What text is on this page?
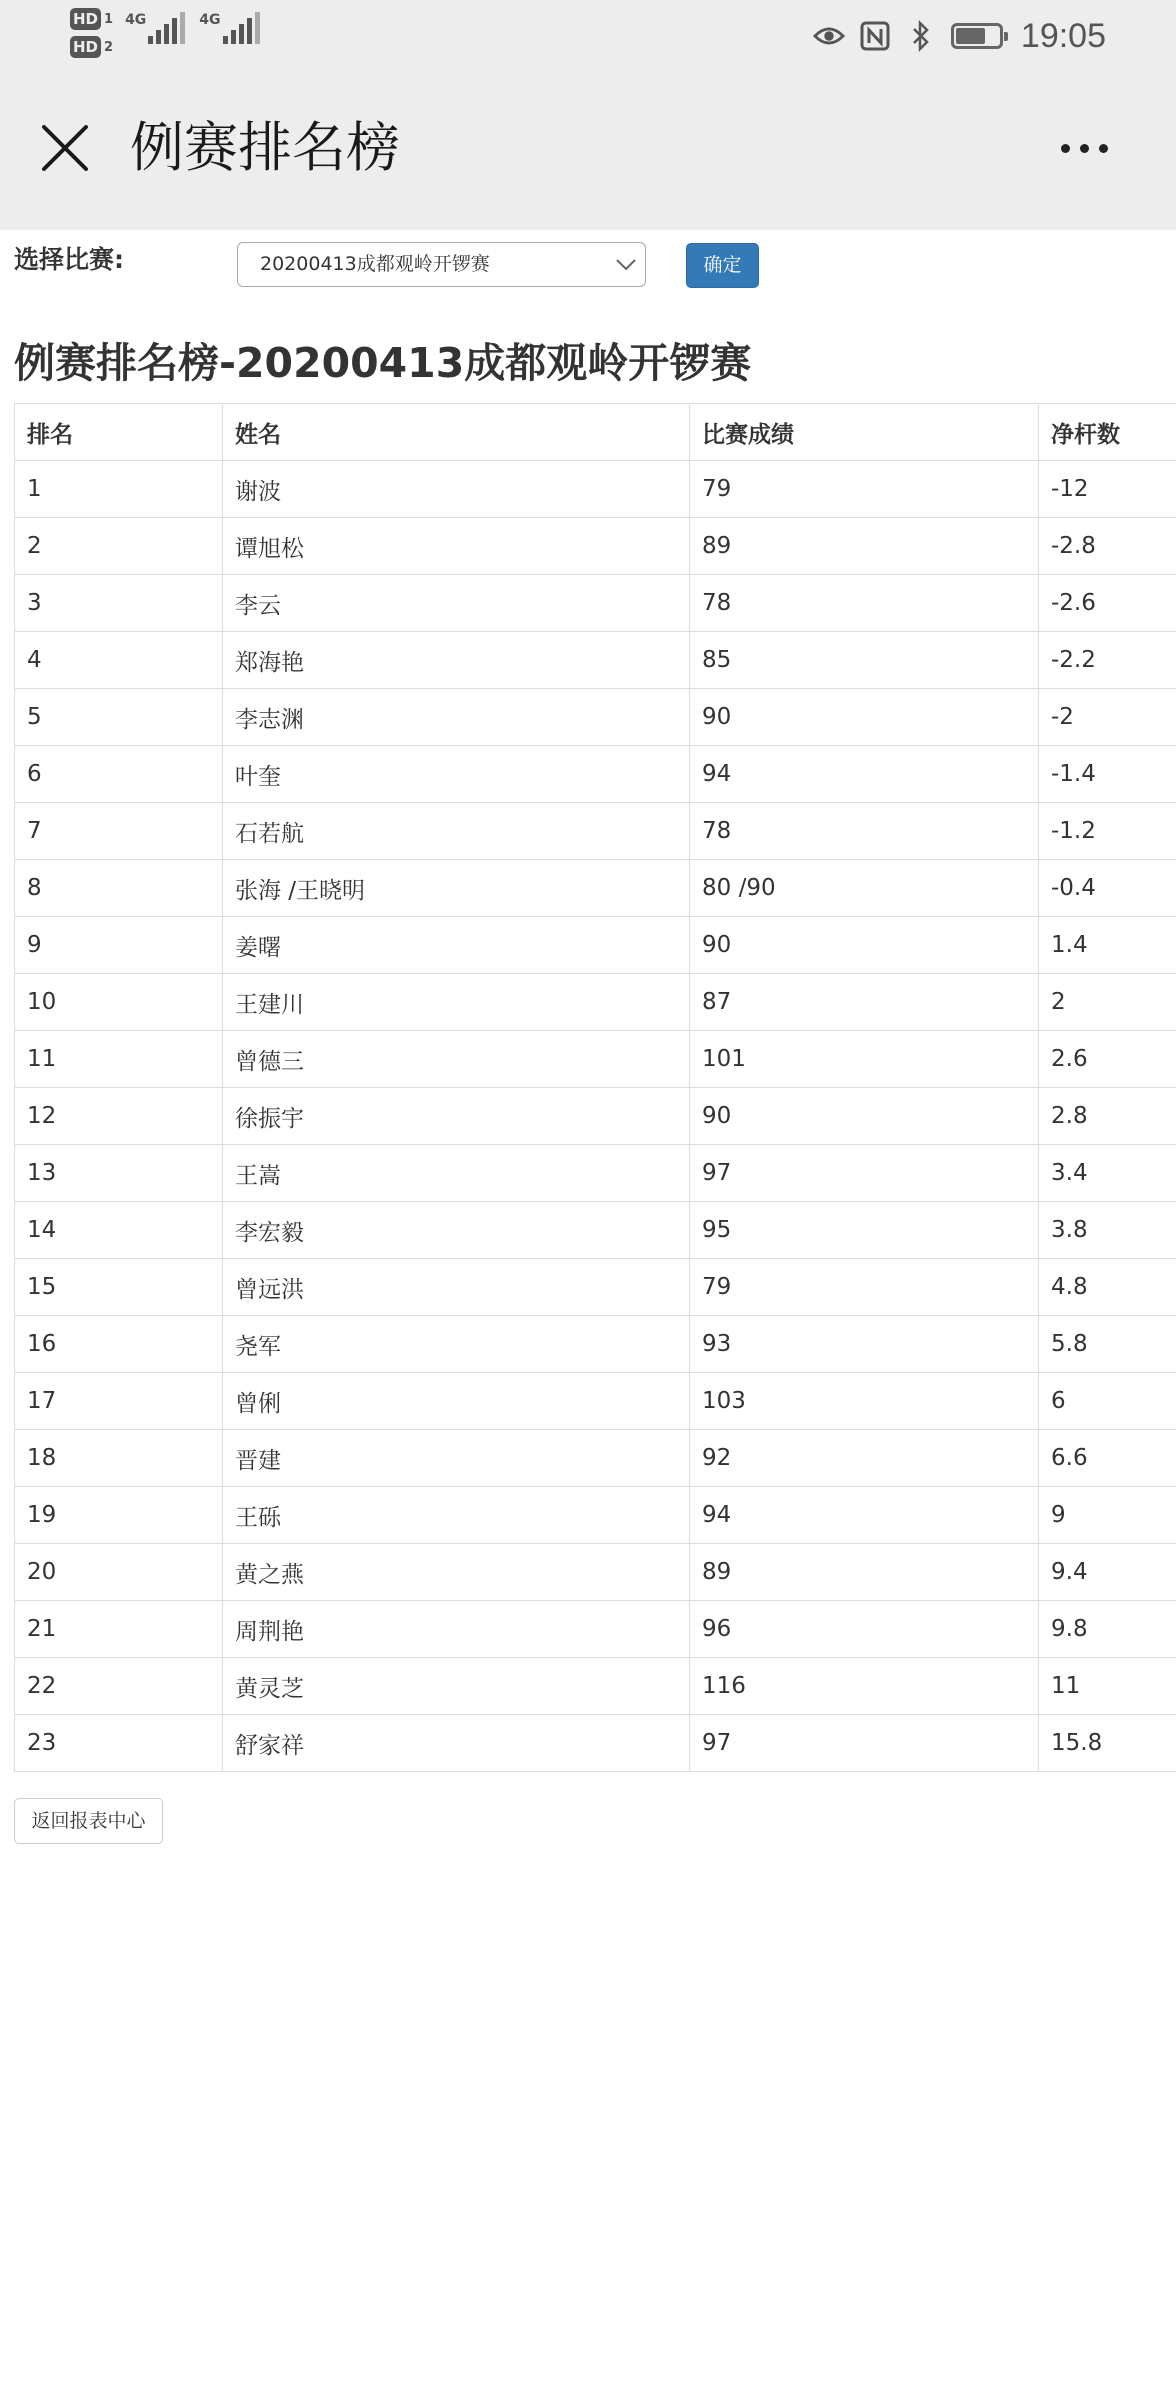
HD 1
HD 2
4G	4G	19:05
例赛排名榜
选择比赛:	20200413成都观岭开锣赛	确定
例赛排名榜-20200413成都观岭开锣赛
排名	姓名	比赛成绩	净杆数
1	谢波	79	-12
2	谭旭松	89	-2.8
3	李云	78	-2.6
4	郑海艳	85	-2.2
5	李志渊	90	-2
6	叶奎	94	-1.4
7	石若航	78	-1.2
8	张海 /王晓明	80 /90	-0.4
9	姜曙	90	1.4
10	王建川	87	2
11	曾德三	101	2.6
12	徐振宇	90	2.8
13	王嵩	97	3.4
14	李宏毅	95	3.8
15	曾远洪	79	4.8
16	尧军	93	5.8
17	曾俐	103	6
18	晋建	92	6.6
19	王砾	94	9
20	黄之燕	89	9.4
21	周荆艳	96	9.8
22	黄灵芝	116	11
23	舒家祥	97	15.8
返回报表中心
